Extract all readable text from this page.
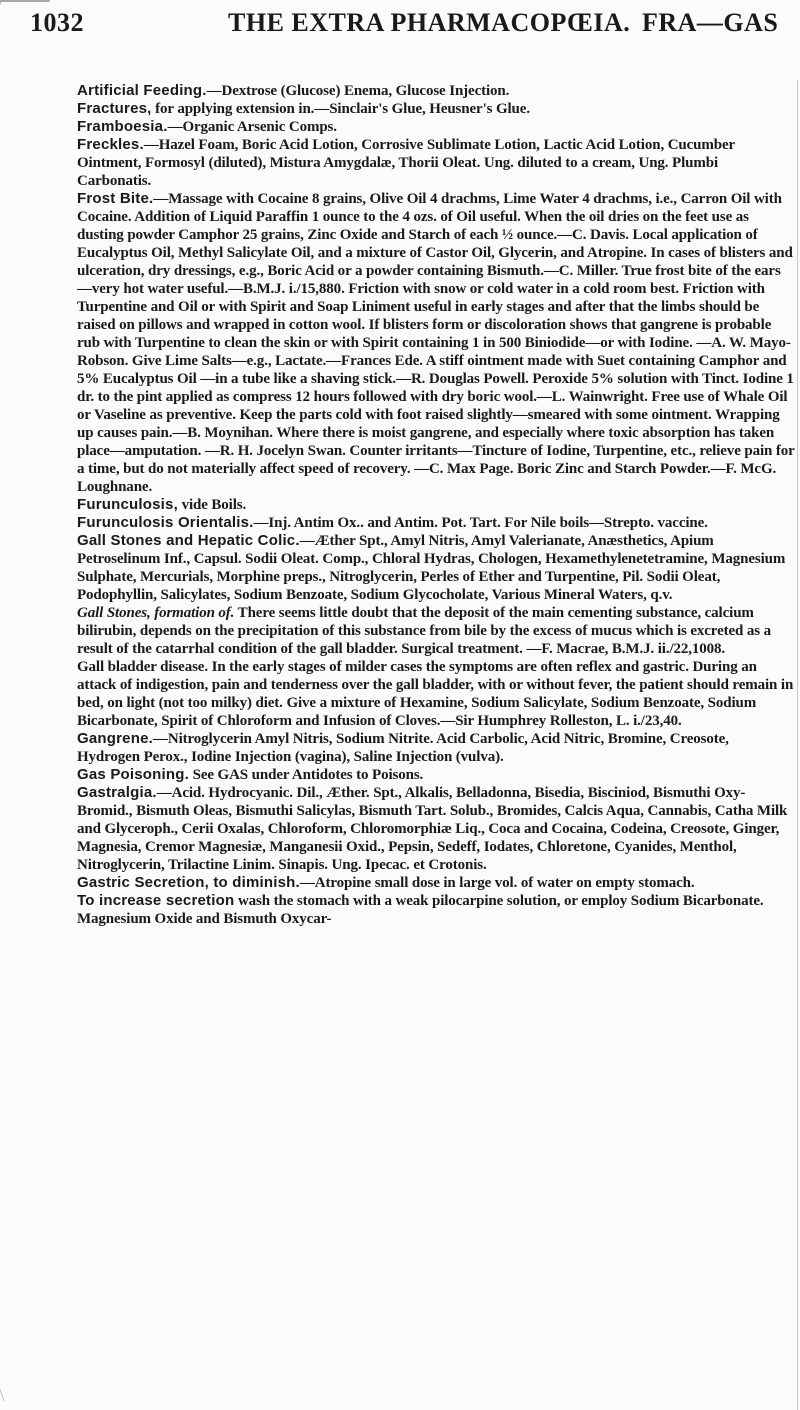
1032	THE EXTRA PHARMACOPŒIA. FRA—GAS

Artificial Feeding.—Dextrose (Glucose) Enema, Glucose Injection.

Fractures, for applying extension in.—Sinclair's Glue, Heusner's Glue.

Framboesia.—Organic Arsenic Comps.

Freckles.—Hazel Foam, Boric Acid Lotion, Corrosive Sublimate Lotion, Lactic Acid Lotion, Cucumber Ointment, Formosyl (diluted), Mistura Amygdalæ, Thorii Oleat. Ung. diluted to a cream, Ung. Plumbi Carbonatis.

Frost Bite.—Massage with Cocaine 8 grains, Olive Oil 4 drachms, Lime Water 4 drachms, i.e., Carron Oil with Cocaine. Addition of Liquid Paraffin 1 ounce to the 4 ozs. of Oil useful. When the oil dries on the feet use as dusting powder Camphor 25 grains, Zinc Oxide and Starch of each ½ ounce.—C. Davis. Local application of Eucalyptus Oil, Methyl Salicylate Oil, and a mixture of Castor Oil, Glycerin, and Atropine. In cases of blisters and ulceration, dry dressings, e.g., Boric Acid or a powder containing Bismuth.—C. Miller. True frost bite of the ears—very hot water useful.—B.M.J. i./15,880. Friction with snow or cold water in a cold room best. Friction with Turpentine and Oil or with Spirit and Soap Liniment useful in early stages and after that the limbs should be raised on pillows and wrapped in cotton wool. If blisters form or discoloration shows that gangrene is probable rub with Turpentine to clean the skin or with Spirit containing 1 in 500 Biniodide—or with Iodine. —A. W. Mayo-Robson. Give Lime Salts—e.g., Lactate.—Frances Ede. A stiff ointment made with Suet containing Camphor and 5% Eucalyptus Oil —in a tube like a shaving stick.—R. Douglas Powell. Peroxide 5% solution with Tinct. Iodine 1 dr. to the pint applied as compress 12 hours followed with dry boric wool.—L. Wainwright. Free use of Whale Oil or Vaseline as preventive. Keep the parts cold with foot raised slightly—smeared with some ointment. Wrapping up causes pain.—B. Moynihan. Where there is moist gangrene, and especially where toxic absorption has taken place—amputation. —R. H. Jocelyn Swan. Counter irritants—Tincture of Iodine, Turpentine, etc., relieve pain for a time, but do not materially affect speed of recovery. —C. Max Page. Boric Zinc and Starch Powder.—F. McG. Loughnane.

Furunculosis, vide Boils.

Furunculosis Orientalis.—Inj. Antim Ox.. and Antim. Pot. Tart. For Nile boils—Strepto. vaccine.

Gall Stones and Hepatic Colic.—Æther Spt., Amyl Nitris, Amyl Valerianate, Anæsthetics, Apium Petroselinum Inf., Capsul. Sodii Oleat. Comp., Chloral Hydras, Chologen, Hexamethylenetetramine, Magnesium Sulphate, Mercurials, Morphine preps., Nitroglycerin, Perles of Ether and Turpentine, Pil. Sodii Oleat, Podophyllin, Salicylates, Sodium Benzoate, Sodium Glycocholate, Various Mineral Waters, q.v.

Gall Stones, formation of. There seems little doubt that the deposit of the main cementing substance, calcium bilirubin, depends on the precipitation of this substance from bile by the excess of mucus which is excreted as a result of the catarrhal condition of the gall bladder. Surgical treatment. —F. Macrae, B.M.J. ii./22,1008.

Gall bladder disease. In the early stages of milder cases the symptoms are often reflex and gastric. During an attack of indigestion, pain and tenderness over the gall bladder, with or without fever, the patient should remain in bed, on light (not too milky) diet. Give a mixture of Hexamine, Sodium Salicylate, Sodium Benzoate, Sodium Bicarbonate, Spirit of Chloroform and Infusion of Cloves.—Sir Humphrey Rolleston, L. i./23,40.

Gangrene.—Nitroglycerin Amyl Nitris, Sodium Nitrite. Acid Carbolic, Acid Nitric, Bromine, Creosote, Hydrogen Perox., Iodine Injection (vagina), Saline Injection (vulva).

Gas Poisoning. See GAS under Antidotes to Poisons.

Gastralgia.—Acid. Hydrocyanic. Dil., Æther. Spt., Alkalis, Belladonna, Bisedia, Bisciniod, Bismuthi Oxy-Bromid., Bismuth Oleas, Bismuthi Salicylas, Bismuth Tart. Solub., Bromides, Calcis Aqua, Cannabis, Catha Milk and Glyceroph., Cerii Oxalas, Chloroform, Chloromorphiæ Liq., Coca and Cocaina, Codeina, Creosote, Ginger, Magnesia, Cremor Magnesiæ, Manganesii Oxid., Pepsin, Sedeff, Iodates, Chloretone, Cyanides, Menthol, Nitroglycerin, Trilactine Linim. Sinapis. Ung. Ipecac. et Crotonis.

Gastric Secretion, to diminish.—Atropine small dose in large vol. of water on empty stomach.

To increase secretion wash the stomach with a weak pilocarpine solution, or employ Sodium Bicarbonate. Magnesium Oxide and Bismuth Oxycar-
